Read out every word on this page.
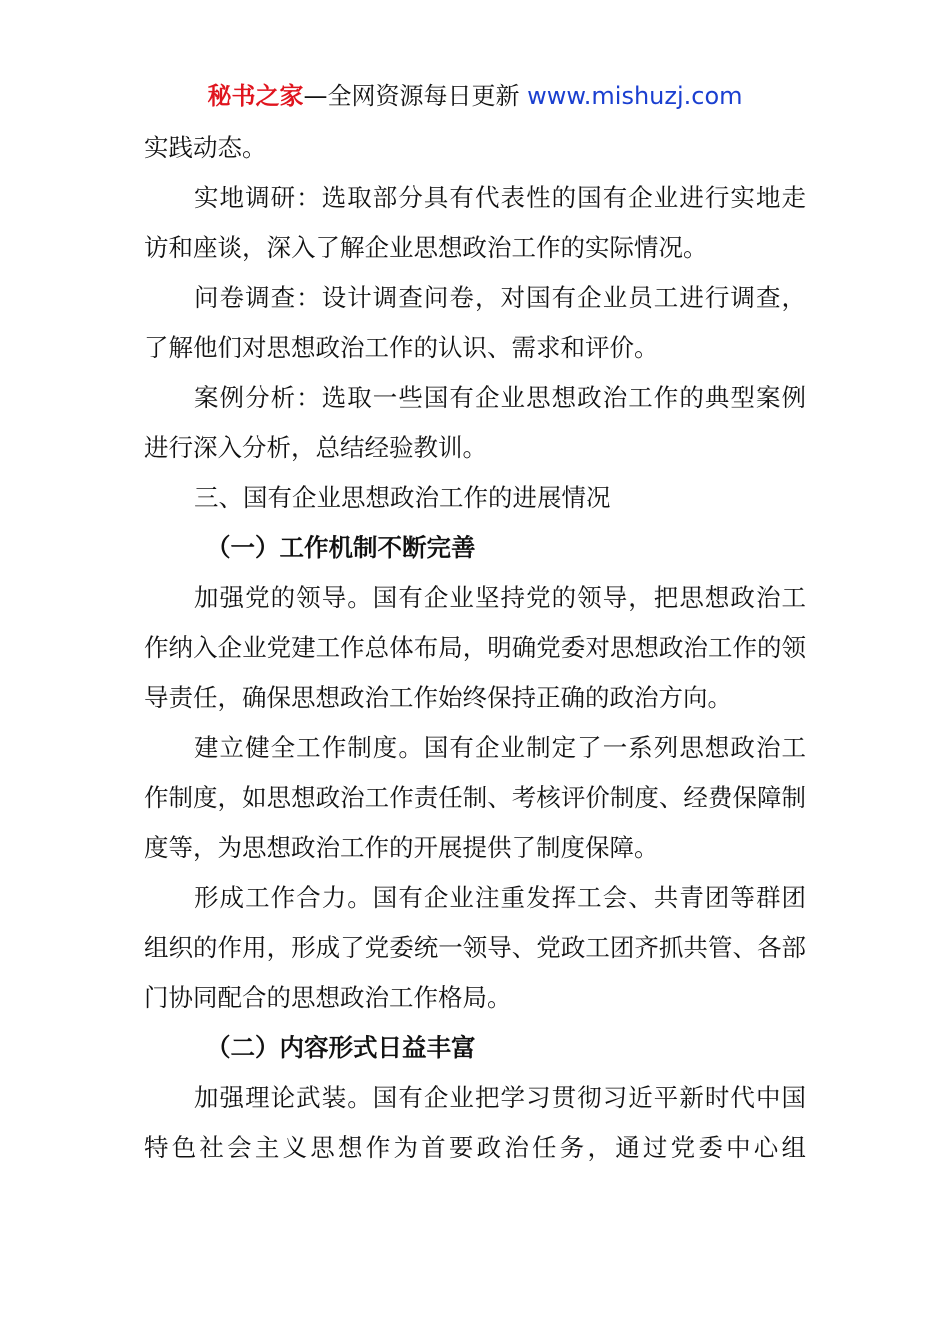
秘书之家—全网资源每日更新 www.mishuzj.com

实践动态。

实地调研：选取部分具有代表性的国有企业进行实地走访和座谈，深入了解企业思想政治工作的实际情况。

问卷调查：设计调查问卷，对国有企业员工进行调查，了解他们对思想政治工作的认识、需求和评价。

案例分析：选取一些国有企业思想政治工作的典型案例进行深入分析，总结经验教训。

三、国有企业思想政治工作的进展情况

（一）工作机制不断完善

加强党的领导。国有企业坚持党的领导，把思想政治工作纳入企业党建工作总体布局，明确党委对思想政治工作的领导责任，确保思想政治工作始终保持正确的政治方向。

建立健全工作制度。国有企业制定了一系列思想政治工作制度，如思想政治工作责任制、考核评价制度、经费保障制度等，为思想政治工作的开展提供了制度保障。

形成工作合力。国有企业注重发挥工会、共青团等群团组织的作用，形成了党委统一领导、党政工团齐抓共管、各部门协同配合的思想政治工作格局。

（二）内容形式日益丰富

加强理论武装。国有企业把学习贯彻习近平新时代中国特色社会主义思想作为首要政治任务，通过党委中心组
